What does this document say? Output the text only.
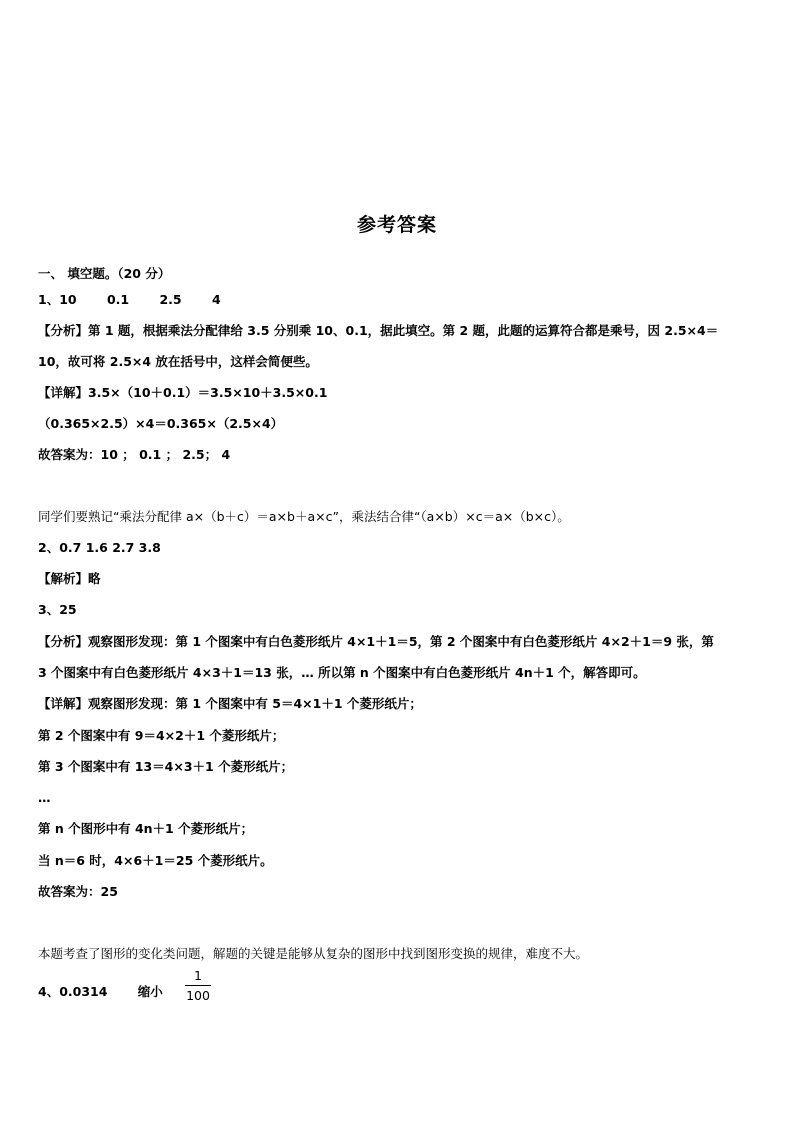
参考答案
一、 填空题。（20 分）
1、10 0.1 2.5 4
【分析】第 1 题，根据乘法分配律给 3.5 分别乘 10、0.1，据此填空。第 2 题，此题的运算符合都是乘号，因 2.5×4＝
10，故可将 2.5×4 放在括号中，这样会简便些。
【详解】3.5×（10＋0.1）＝3.5×10＋3.5×0.1
（0.365×2.5）×4＝0.365×（2.5×4）
故答案为：10 ； 0.1 ； 2.5； 4
同学们要熟记“乘法分配律 a×（b＋c）＝a×b＋a×c”，乘法结合律“（a×b）×c＝a×（b×c）。
2、0.7 1.6 2.7 3.8
【解析】略
3、25
【分析】观察图形发现：第 1 个图案中有白色菱形纸片 4×1＋1＝5，第 2 个图案中有白色菱形纸片 4×2＋1＝9 张，第
3 个图案中有白色菱形纸片 4×3＋1＝13 张，… 所以第 n 个图案中有白色菱形纸片 4n＋1 个，解答即可。
【详解】观察图形发现：第 1 个图案中有 5＝4×1＋1 个菱形纸片；
第 2 个图案中有 9＝4×2＋1 个菱形纸片；
第 3 个图案中有 13＝4×3＋1 个菱形纸片；
…
第 n 个图形中有 4n＋1 个菱形纸片；
当 n＝6 时，4×6＋1＝25 个菱形纸片。
故答案为：25
本题考查了图形的变化类问题，解题的关键是能够从复杂的图形中找到图形变换的规律，难度不大。
4、0.0314 缩小
1
100
